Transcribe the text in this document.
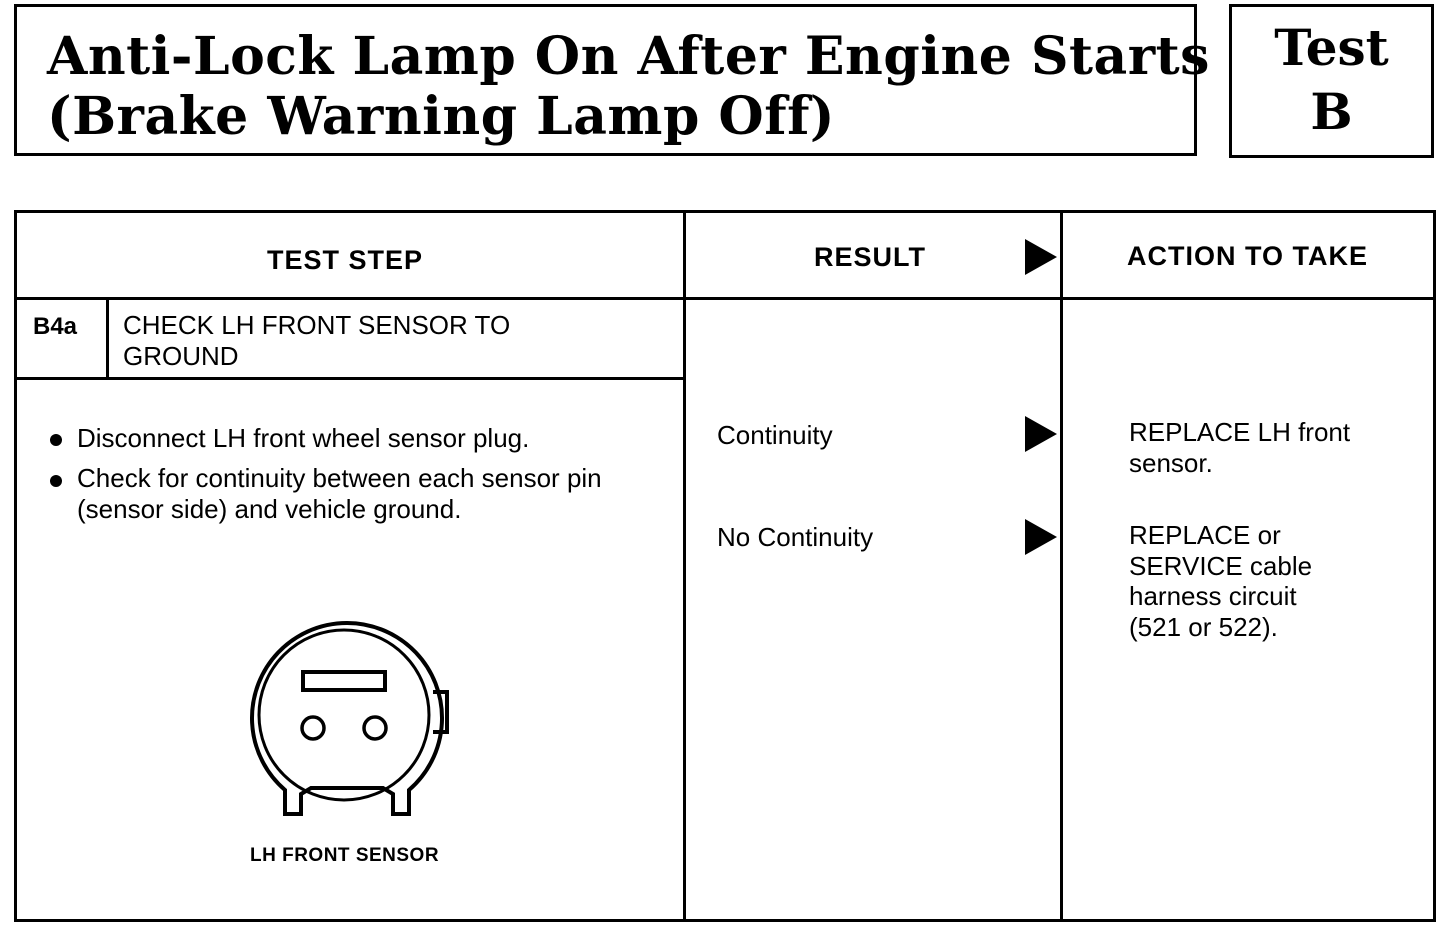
Anti-Lock Lamp On After Engine Starts
(Brake Warning Lamp Off)
Test
B
TEST STEP	RESULT	ACTION TO TAKE
B4a CHECK LH FRONT SENSOR TO
GROUND
Disconnect LH front wheel sensor plug.
Check for continuity between each sensor pin
(sensor side) and vehicle ground.
LH FRONT SENSOR
Continuity	REPLACE LH front
sensor.
No Continuity	REPLACE or
SERVICE cable
harness circuit
(521 or 522).
